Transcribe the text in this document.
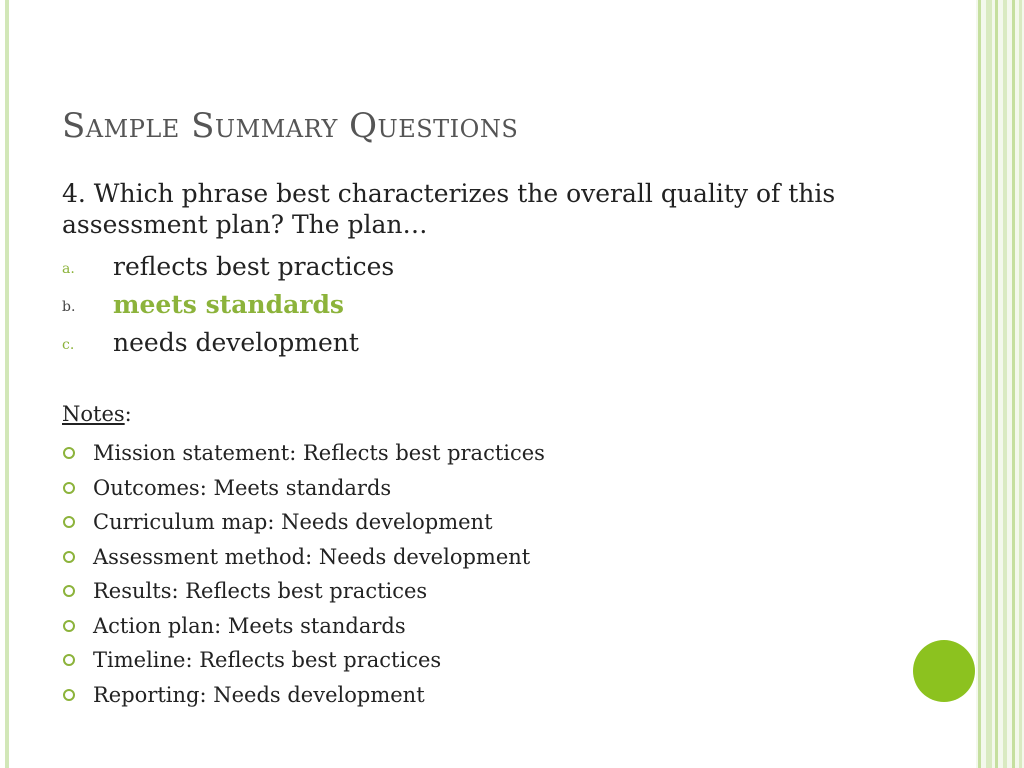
Sample Summary Questions

4. Which phrase best characterizes the overall quality of this assessment plan? The plan…

a.	reflects best practices
b.	meets standards
c.	needs development
Notes:
Mission statement: Reflects best practices
Outcomes: Meets standards
Curriculum map: Needs development
Assessment method: Needs development
Results: Reflects best practices
Action plan: Meets standards
Timeline: Reflects best practices
Reporting: Needs development
